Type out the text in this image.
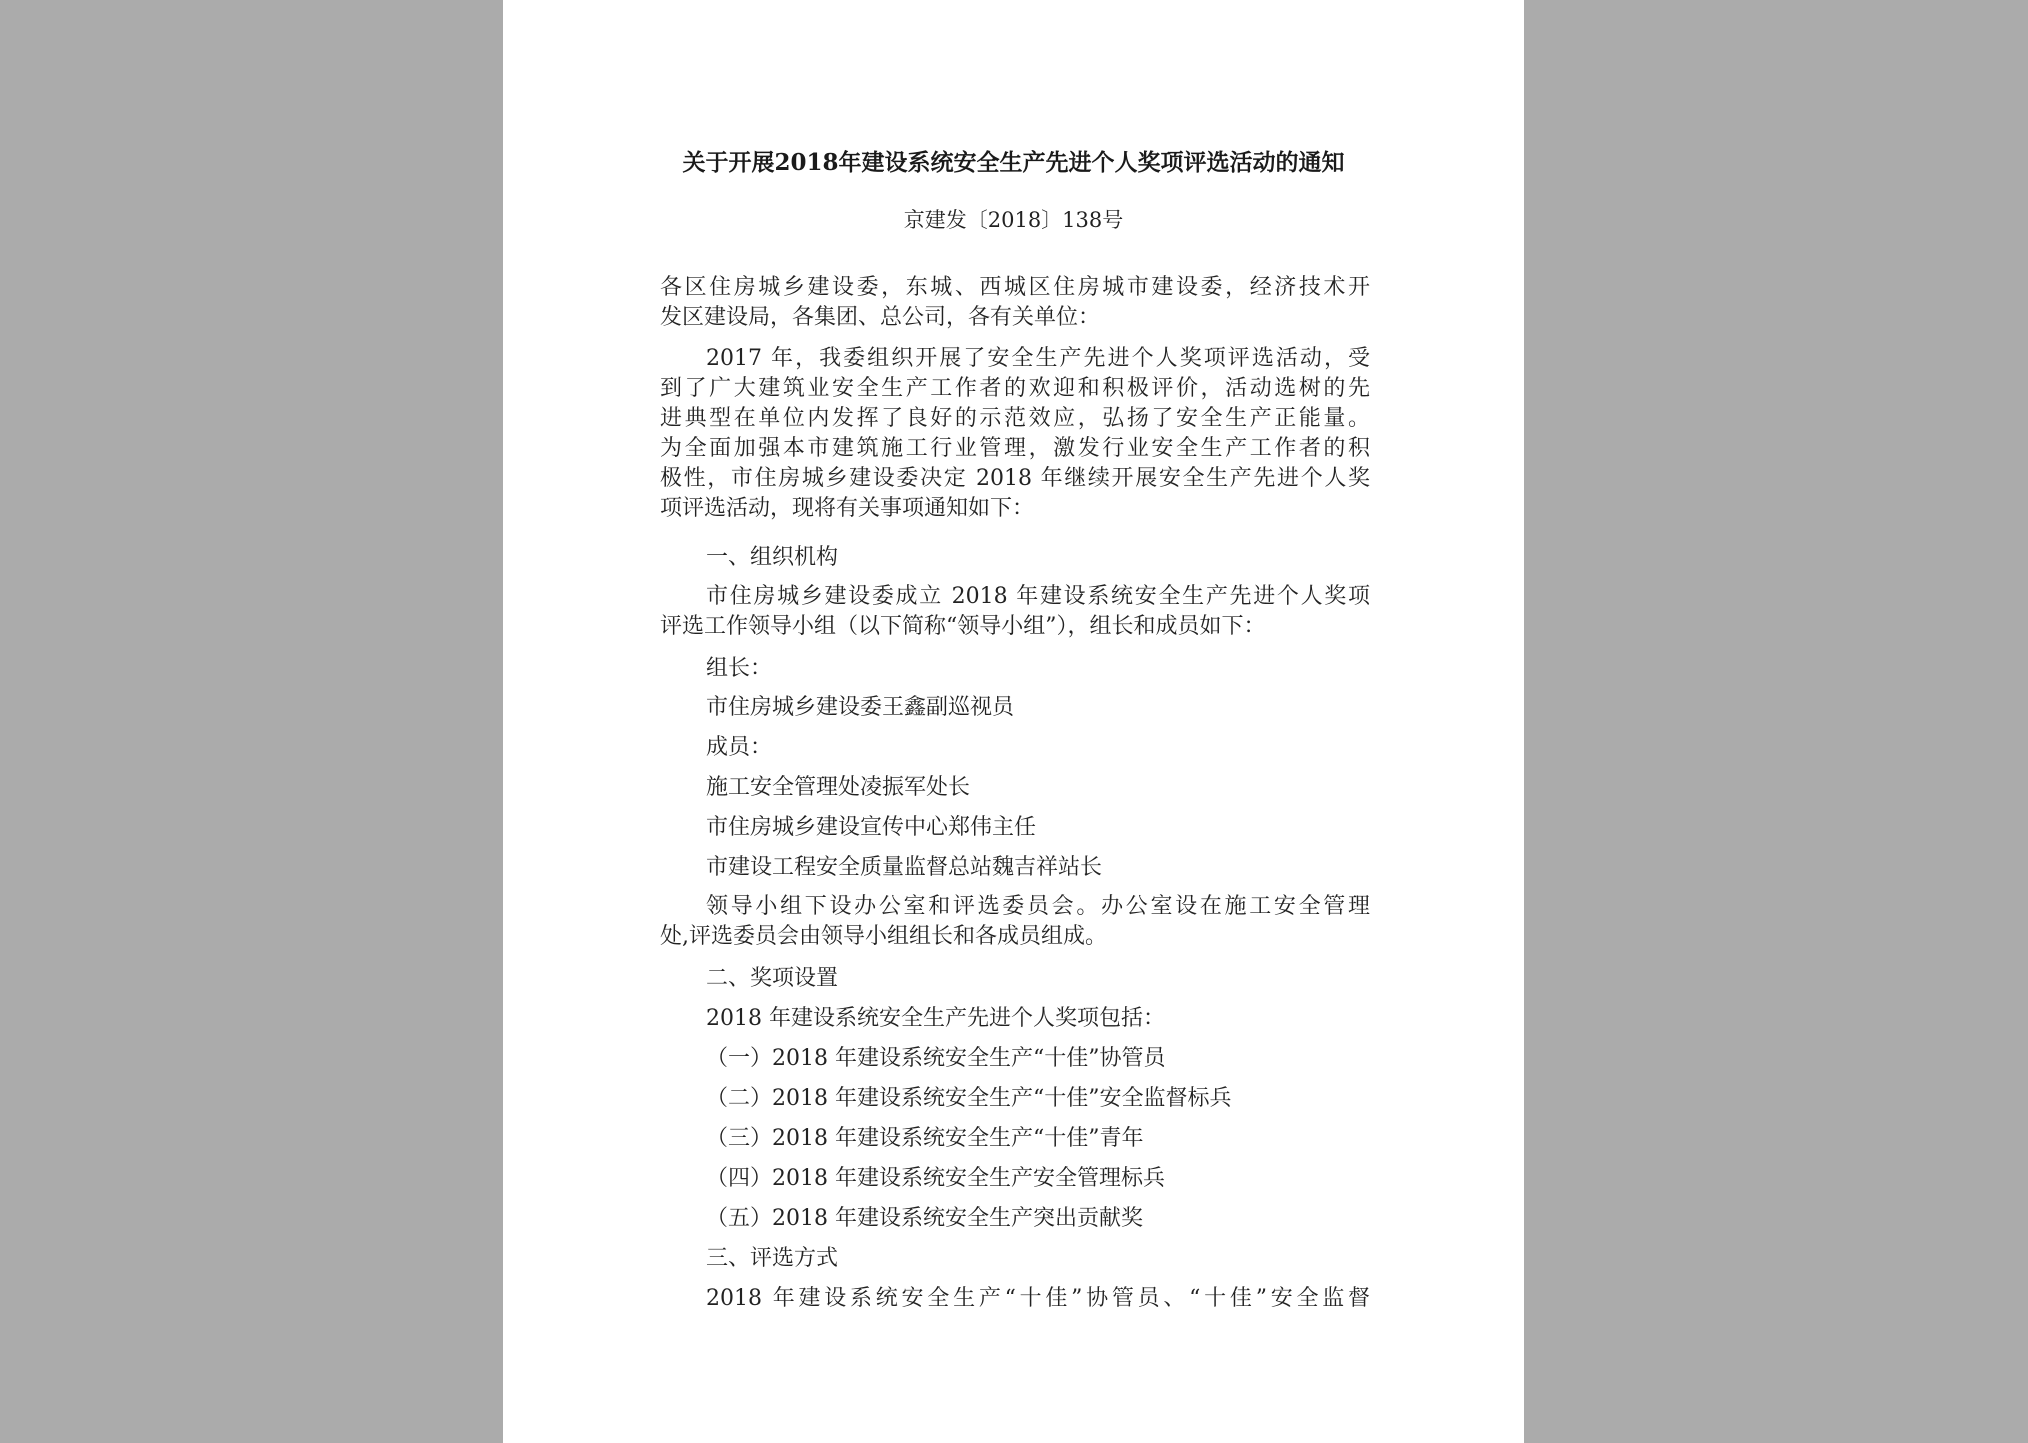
关于开展2018年建设系统安全生产先进个人奖项评选活动的通知
京建发〔2018〕138号
各区住房城乡建设委，东城、西城区住房城市建设委，经济技术开
发区建设局，各集团、总公司，各有关单位：
2017 年，我委组织开展了安全生产先进个人奖项评选活动，受
到了广大建筑业安全生产工作者的欢迎和积极评价，活动选树的先
进典型在单位内发挥了良好的示范效应，弘扬了安全生产正能量。
为全面加强本市建筑施工行业管理，激发行业安全生产工作者的积
极性，市住房城乡建设委决定 2018 年继续开展安全生产先进个人奖
项评选活动，现将有关事项通知如下：
一、组织机构
市住房城乡建设委成立 2018 年建设系统安全生产先进个人奖项
评选工作领导小组（以下简称“领导小组”），组长和成员如下：
组长：
市住房城乡建设委王鑫副巡视员
成员：
施工安全管理处凌振军处长
市住房城乡建设宣传中心郑伟主任
市建设工程安全质量监督总站魏吉祥站长
领导小组下设办公室和评选委员会。办公室设在施工安全管理
处,评选委员会由领导小组组长和各成员组成。
二、奖项设置
2018 年建设系统安全生产先进个人奖项包括：
（一）2018 年建设系统安全生产“十佳”协管员
（二）2018 年建设系统安全生产“十佳”安全监督标兵
（三）2018 年建设系统安全生产“十佳”青年
（四）2018 年建设系统安全生产安全管理标兵
（五）2018 年建设系统安全生产突出贡献奖
三、评选方式
2018 年建设系统安全生产“十佳”协管员、“十佳”安全监督
